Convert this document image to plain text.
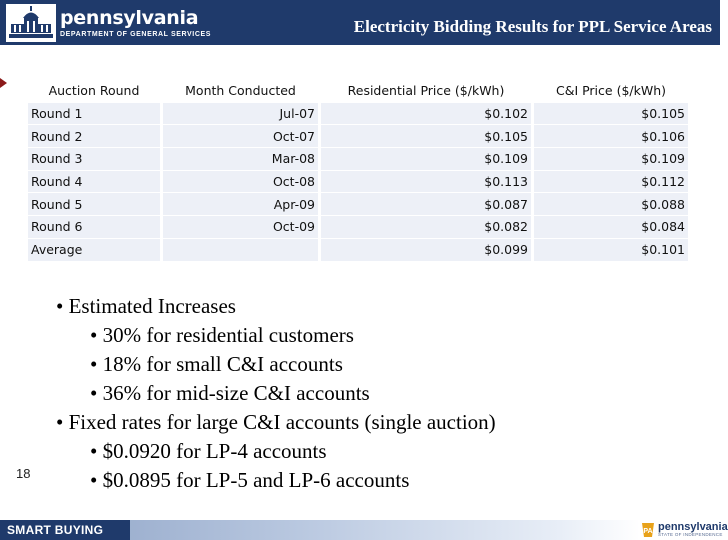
pennsylvania
DEPARTMENT OF GENERAL SERVICES	Electricity Bidding Results for PPL Service Areas
Auction Round	Month Conducted	Residential Price ($/kWh)	C&I Price ($/kWh)
Round 1	Jul-07	$0.102	$0.105
Round 2	Oct-07	$0.105	$0.106
Round 3	Mar-08	$0.109	$0.109
Round 4	Oct-08	$0.113	$0.112
Round 5	Apr-09	$0.087	$0.088
Round 6	Oct-09	$0.082	$0.084
Average		$0.099	$0.101
• Estimated Increases
• 30% for residential customers
• 18% for small C&I accounts
• 36% for mid-size C&I accounts
• Fixed rates for large C&I accounts (single auction)
• $0.0920 for LP-4 accounts
• $0.0895 for LP-5 and LP-6 accounts
18
SMART BUYING	PA pennsylvania
STATE OF INDEPENDENCE
